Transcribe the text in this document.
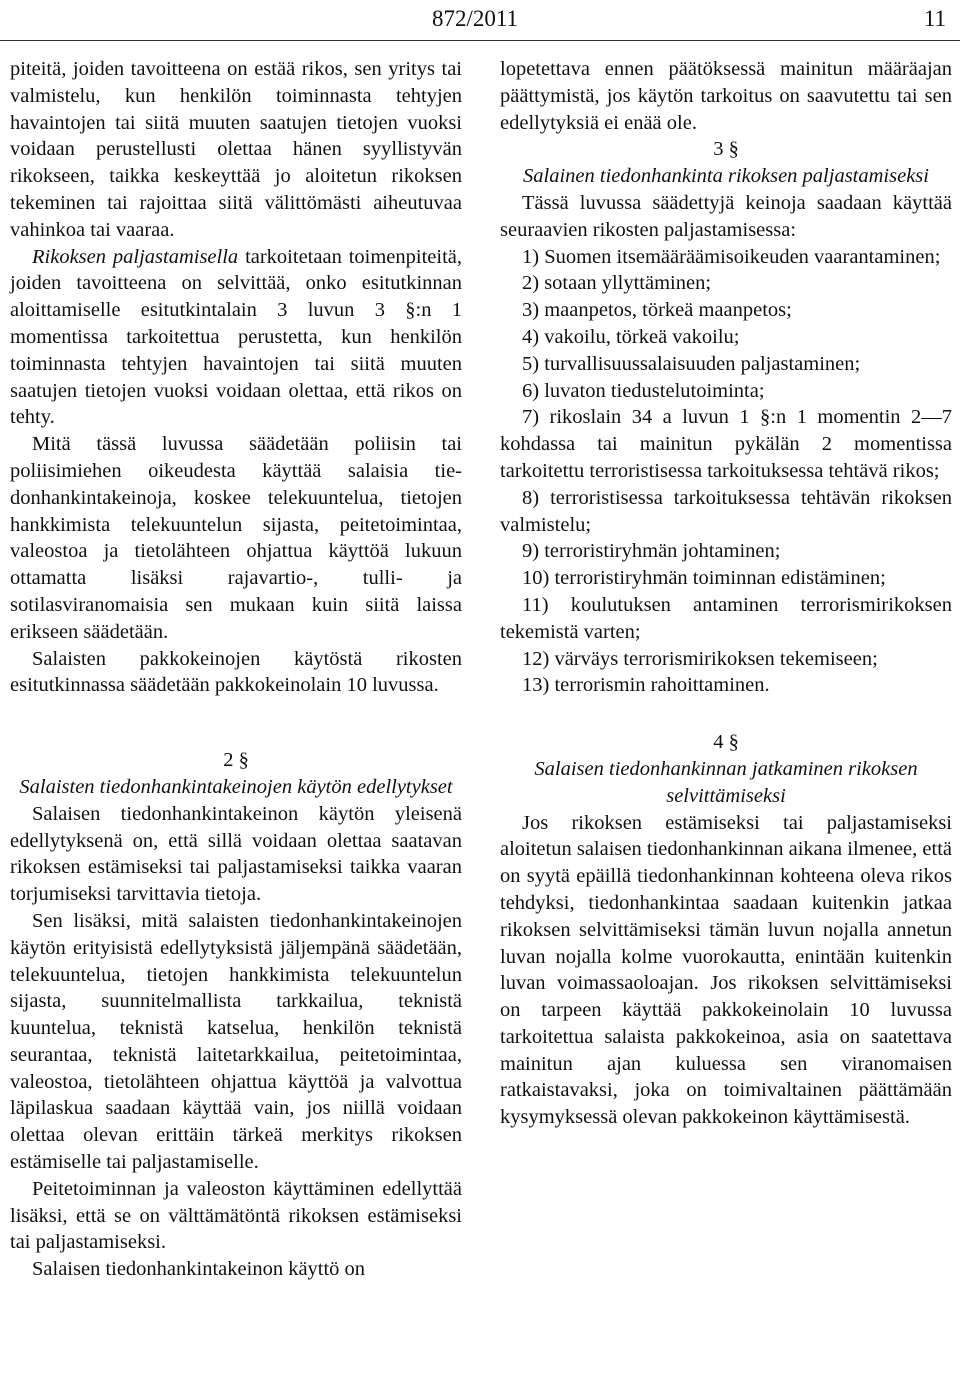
872/2011	11

piteitä, joiden tavoitteena on estää rikos, sen yritys tai valmistelu, kun henkilön toiminnasta tehtyjen havaintojen tai siitä muuten saatujen tietojen vuoksi voidaan perustellusti olettaa hänen syyllistyvän rikokseen, taikka keskeyttää jo aloitetun rikoksen tekeminen tai rajoittaa siitä välittömästi aiheutuvaa vahinkoa tai vaaraa.

Rikoksen paljastamisella tarkoitetaan toimenpiteitä, joiden tavoitteena on selvittää, onko esitutkinnan aloittamiselle esitutkintalain 3 luvun 3 §:n 1 momentissa tarkoitettua perustetta, kun henkilön toiminnasta tehtyjen havaintojen tai siitä muuten saatujen tietojen vuoksi voidaan olettaa, että rikos on tehty.

Mitä tässä luvussa säädetään poliisin tai poliisimiehen oikeudesta käyttää salaisia tiedonhankintakeinoja, koskee telekuuntelua, tietojen hankkimista telekuuntelun sijasta, peitetoimintaa, valeostoa ja tietolähteen ohjattua käyttöä lukuun ottamatta lisäksi rajavartio-, tulli- ja sotilasviranomaisia sen mukaan kuin siitä laissa erikseen säädetään.

Salaisten pakkokeinojen käytöstä rikosten esitutkinnassa säädetään pakkokeinolain 10 luvussa.

2 §

Salaisten tiedonhankintakeinojen käytön edellytykset

Salaisen tiedonhankintakeinon käytön yleisenä edellytyksenä on, että sillä voidaan olettaa saatavan rikoksen estämiseksi tai paljastamiseksi taikka vaaran torjumiseksi tarvittavia tietoja.

Sen lisäksi, mitä salaisten tiedonhankintakeinojen käytön erityisistä edellytyksistä jäljempänä säädetään, telekuuntelua, tietojen hankkimista telekuuntelun sijasta, suunnitelmallista tarkkailua, teknistä kuuntelua, teknistä katselua, henkilön teknistä seurantaa, teknistä laitetarkkailua, peitetoimintaa, valeostoa, tietolähteen ohjattua käyttöä ja valvottua läpilaskua saadaan käyttää vain, jos niillä voidaan olettaa olevan erittäin tärkeä merkitys rikoksen estämiselle tai paljastamiselle.

Peitetoiminnan ja valeoston käyttäminen edellyttää lisäksi, että se on välttämätöntä rikoksen estämiseksi tai paljastamiseksi.

Salaisen tiedonhankintakeinon käyttö on

lopetettava ennen päätöksessä mainitun määräajan päättymistä, jos käytön tarkoitus on saavutettu tai sen edellytyksiä ei enää ole.

3 §

Salainen tiedonhankinta rikoksen paljastamiseksi

Tässä luvussa säädettyjä keinoja saadaan käyttää seuraavien rikosten paljastamisessa:

1) Suomen itsemääräämisoikeuden vaarantaminen;

2) sotaan yllyttäminen;

3) maanpetos, törkeä maanpetos;

4) vakoilu, törkeä vakoilu;

5) turvallisuussalaisuuden paljastaminen;

6) luvaton tiedustelutoiminta;

7) rikoslain 34 a luvun 1 §:n 1 momentin 2—7 kohdassa tai mainitun pykälän 2 momentissa tarkoitettu terroristisessa tarkoituksessa tehtävä rikos;

8) terroristisessa tarkoituksessa tehtävän rikoksen valmistelu;

9) terroristiryhmän johtaminen;

10) terroristiryhmän toiminnan edistäminen;

11) koulutuksen antaminen terrorismirikoksen tekemistä varten;

12) värväys terrorismirikoksen tekemiseen;

13) terrorismin rahoittaminen.

4 §

Salaisen tiedonhankinnan jatkaminen rikoksen selvittämiseksi

Jos rikoksen estämiseksi tai paljastamiseksi aloitetun salaisen tiedonhankinnan aikana ilmenee, että on syytä epäillä tiedonhankinnan kohteena oleva rikos tehdyksi, tiedonhankintaa saadaan kuitenkin jatkaa rikoksen selvittämiseksi tämän luvun nojalla annetun luvan nojalla kolme vuorokautta, enintään kuitenkin luvan voimassaoloajan. Jos rikoksen selvittämiseksi on tarpeen käyttää pakkokeinolain 10 luvussa tarkoitettua salaista pakkokeinoa, asia on saatettava mainitun ajan kuluessa sen viranomaisen ratkaistavaksi, joka on toimivaltainen päättämään kysymyksessä olevan pakkokeinon käyttämisestä.
